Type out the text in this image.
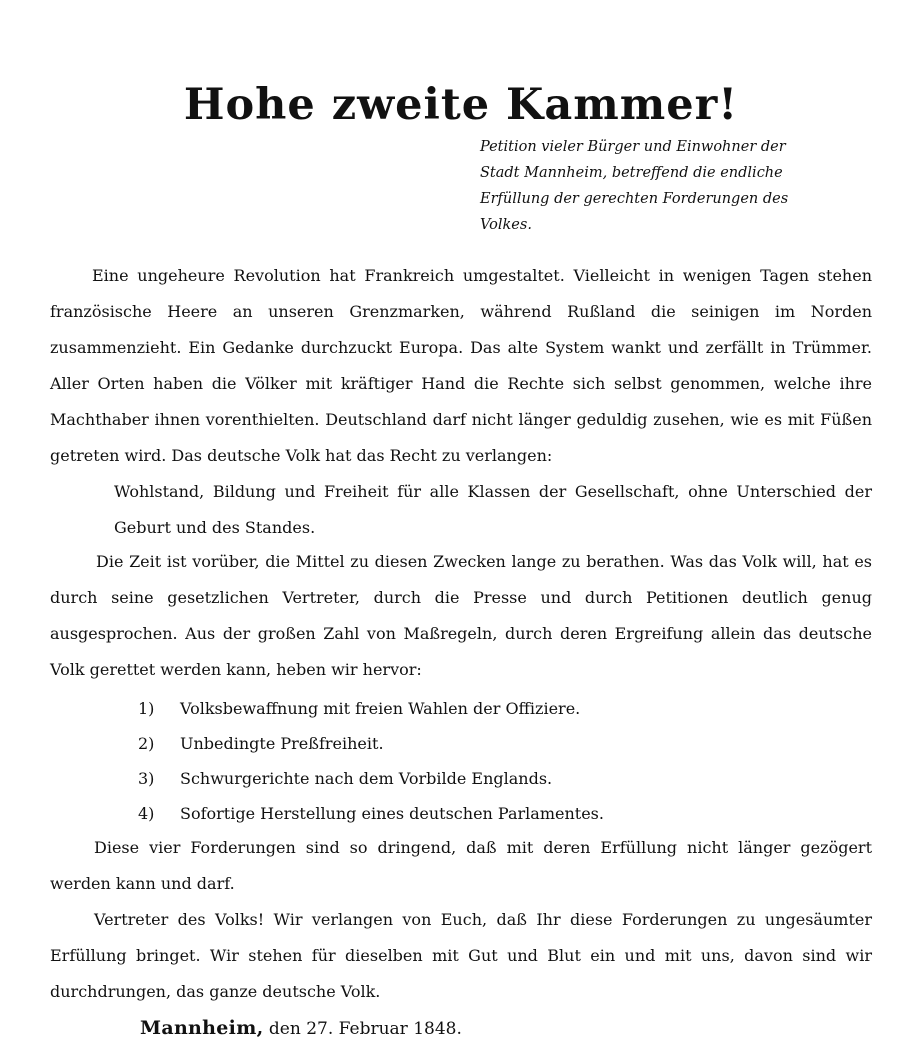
Hohe zweite Kammer!
Petition vieler Bürger und Einwohner der Stadt Mannheim, betreffend die endliche Erfüllung der gerechten Forderungen des Volkes.

Eine ungeheure Revolution hat Frankreich umgestaltet. Vielleicht in wenigen Tagen stehen französische Heere an unseren Grenzmarken, während Rußland die seinigen im Norden zusammenzieht. Ein Gedanke durchzuckt Europa. Das alte System wankt und zerfällt in Trümmer. Aller Orten haben die Völker mit kräftiger Hand die Rechte sich selbst genommen, welche ihre Machthaber ihnen vorenthielten. Deutschland darf nicht länger geduldig zusehen, wie es mit Füßen getreten wird. Das deutsche Volk hat das Recht zu verlangen:

Wohlstand, Bildung und Freiheit für alle Klassen der Gesellschaft, ohne Unterschied der Geburt und des Standes.

Die Zeit ist vorüber, die Mittel zu diesen Zwecken lange zu berathen. Was das Volk will, hat es durch seine gesetzlichen Vertreter, durch die Presse und durch Petitionen deutlich genug ausgesprochen. Aus der großen Zahl von Maßregeln, durch deren Ergreifung allein das deutsche Volk gerettet werden kann, heben wir hervor:

1) Volksbewaffnung mit freien Wahlen der Offiziere.
2) Unbedingte Preßfreiheit.
3) Schwurgerichte nach dem Vorbilde Englands.
4) Sofortige Herstellung eines deutschen Parlamentes.

Diese vier Forderungen sind so dringend, daß mit deren Erfüllung nicht länger gezögert werden kann und darf.

Vertreter des Volks! Wir verlangen von Euch, daß Ihr diese Forderungen zu ungesäumter Erfüllung bringet. Wir stehen für dieselben mit Gut und Blut ein und mit uns, davon sind wir durchdrungen, das ganze deutsche Volk.

Mannheim, den 27. Februar 1848.
